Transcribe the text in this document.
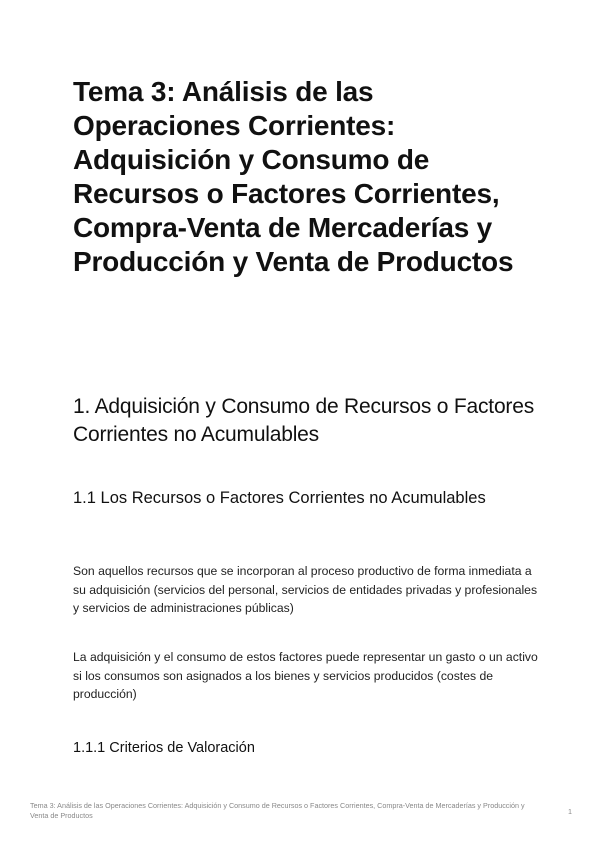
Tema 3: Análisis de las Operaciones Corrientes: Adquisición y Consumo de Recursos o Factores Corrientes, Compra-Venta de Mercaderías y Producción y Venta de Productos
1. Adquisición y Consumo de Recursos o Factores Corrientes no Acumulables
1.1 Los Recursos o Factores Corrientes no Acumulables

Son aquellos recursos que se incorporan al proceso productivo de forma inmediata a su adquisición (servicios del personal, servicios de entidades privadas y profesionales y servicios de administraciones públicas)

La adquisición y el consumo de estos factores puede representar un gasto o un activo si los consumos son asignados a los bienes y servicios producidos (costes de producción)

1.1.1 Criterios de Valoración
Tema 3: Análisis de las Operaciones Corrientes: Adquisición y Consumo de Recursos o Factores Corrientes, Compra-Venta de Mercaderías y Producción y Venta de Productos	1
